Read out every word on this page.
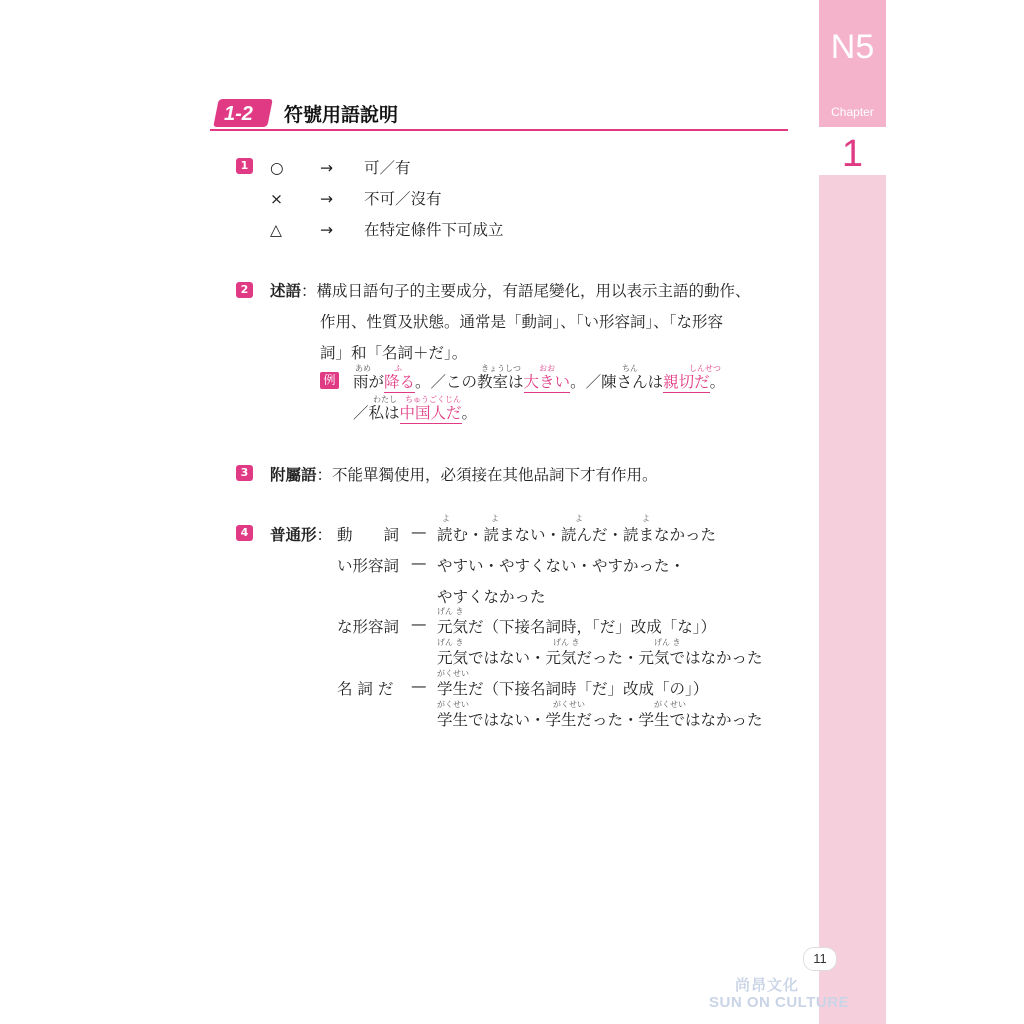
N5
Chapter
1
1-2 符號用語說明
1	○ → 可／有
× → 不可／沒有
△ → 在特定條件下可成立
2	述語：構成日語句子的主要成分，有語尾變化，用以表示主語的動作、
作用、性質及狀態。通常是「動詞」、「い形容詞」、「な形容
詞」和「名詞＋だ」。
例
あめ	ふ	きょうしつ おお	ちん	しんせつ
雨が降る。／この教室は大きい。／陳さんは親切だ。
わたし ちゅうごくじん
／私は中国人だ。
3	附屬語：不能單獨使用，必須接在其他品詞下才有作用。
4	普通形：
よ	よ	よ	よ
動　　詞 — 読む・読まない・読んだ・読まなかった
い形容詞 — やすい・やすくない・やすかった・
やすくなかった
げん き
な形容詞 — 元気だ（下接名詞時，「だ」改成「な」）
げん き	げん き	げん き
元気ではない・元気だった・元気ではなかった
がくせい
名 詞 だ — 学生だ（下接名詞時「だ」改成「の」）
がくせい	がくせい	がくせい
学生ではない・学生だった・学生ではなかった
11
尚昂文化
SUN ON CULTURE
